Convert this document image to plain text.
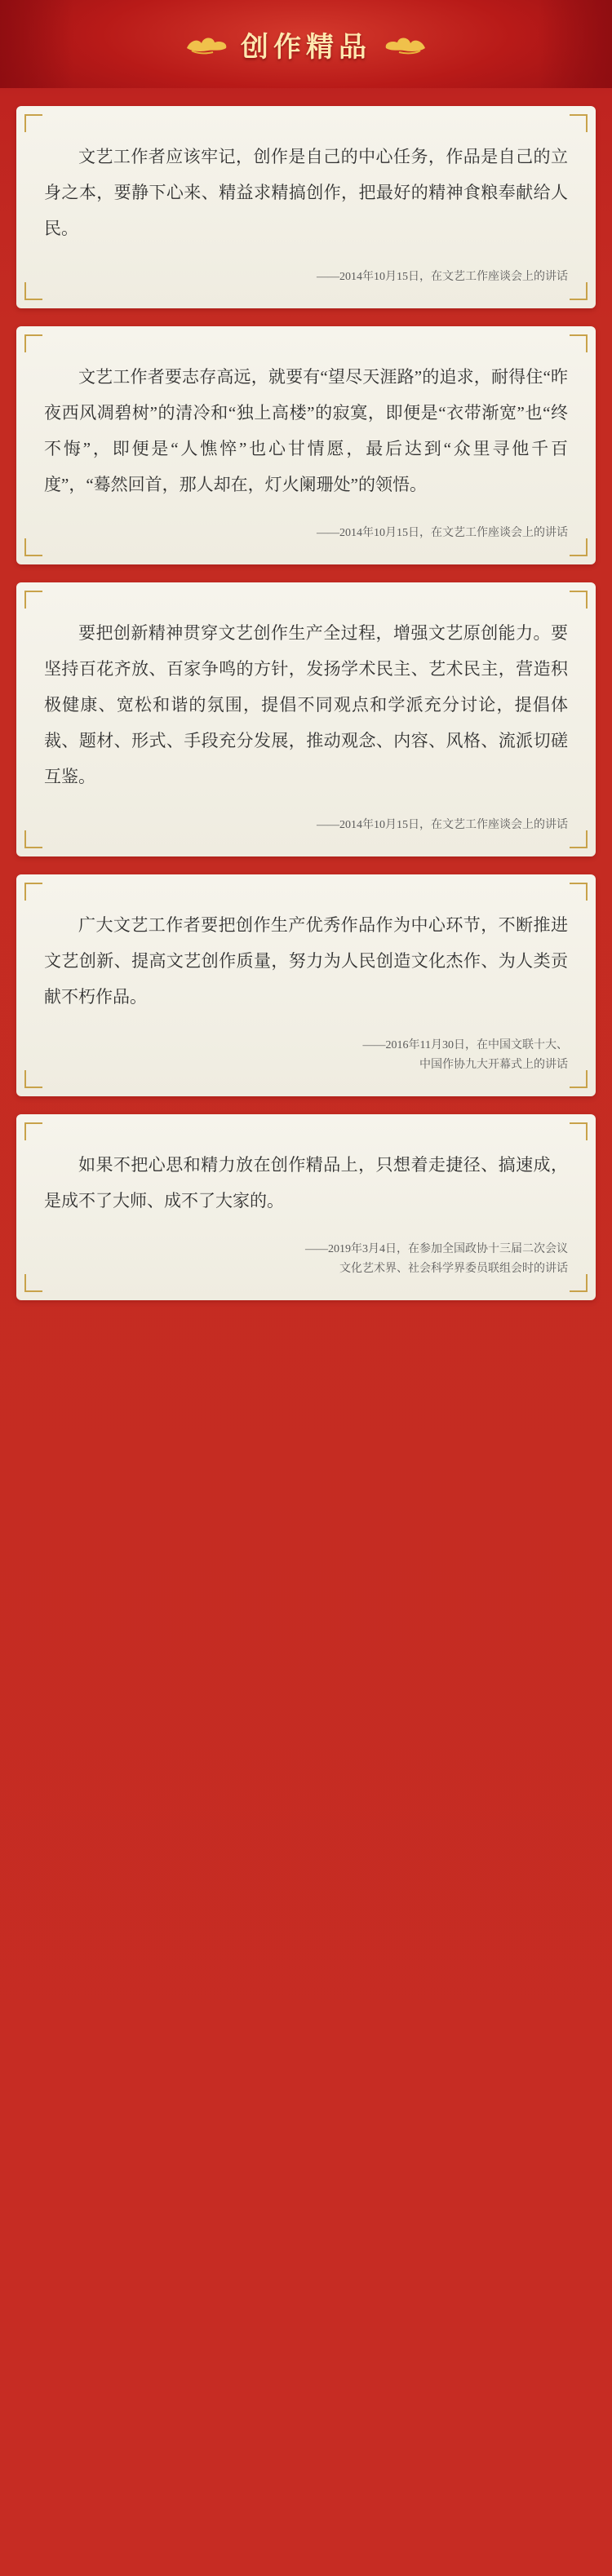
创作精品

文艺工作者应该牢记，创作是自己的中心任务，作品是自己的立身之本，要静下心来、精益求精搞创作，把最好的精神食粮奉献给人民。

——2014年10月15日，在文艺工作座谈会上的讲话

文艺工作者要志存高远，就要有“望尽天涯路”的追求，耐得住“昨夜西风凋碧树”的清冷和“独上高楼”的寂寞，即便是“衣带渐宽”也“终不悔”，即便是“人憔悴”也心甘情愿，最后达到“众里寻他千百度”，“蓦然回首，那人却在，灯火阑珊处”的领悟。

——2014年10月15日，在文艺工作座谈会上的讲话

要把创新精神贯穿文艺创作生产全过程，增强文艺原创能力。要坚持百花齐放、百家争鸣的方针，发扬学术民主、艺术民主，营造积极健康、宽松和谐的氛围，提倡不同观点和学派充分讨论，提倡体裁、题材、形式、手段充分发展，推动观念、内容、风格、流派切磋互鉴。

——2014年10月15日，在文艺工作座谈会上的讲话

广大文艺工作者要把创作生产优秀作品作为中心环节，不断推进文艺创新、提高文艺创作质量，努力为人民创造文化杰作、为人类贡献不朽作品。

——2016年11月30日，在中国文联十大、
中国作协九大开幕式上的讲话

如果不把心思和精力放在创作精品上，只想着走捷径、搞速成，是成不了大师、成不了大家的。

——2019年3月4日，在参加全国政协十三届二次会议
文化艺术界、社会科学界委员联组会时的讲话
